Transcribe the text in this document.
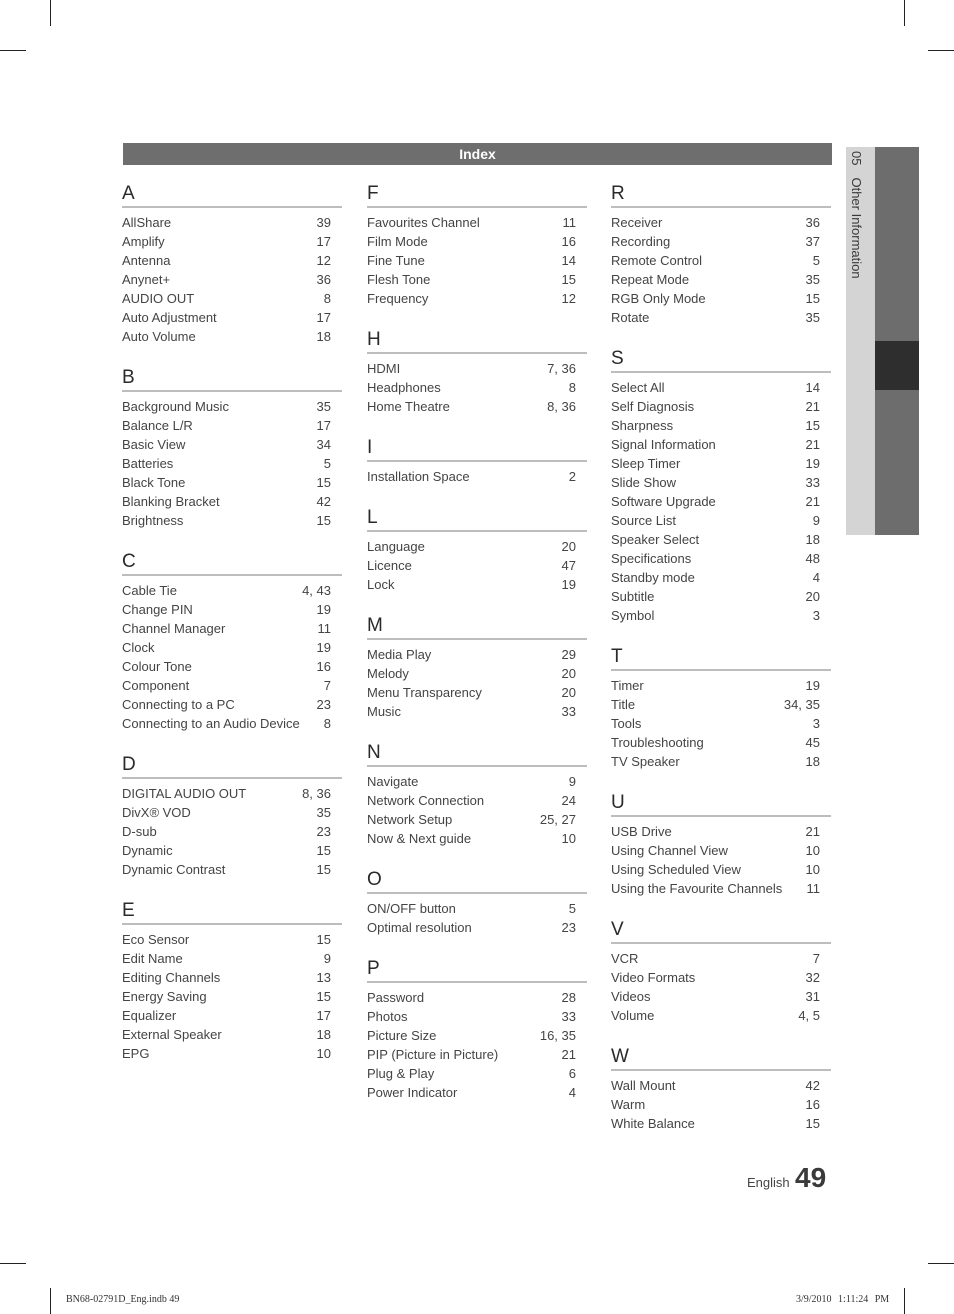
Index
A
AllShare	39
Amplify	17
Antenna	12
Anynet+	36
AUDIO OUT	8
Auto Adjustment	17
Auto Volume	18
B
Background Music	35
Balance L/R	17
Basic View	34
Batteries	5
Black Tone	15
Blanking Bracket	42
Brightness	15
C
Cable Tie	4, 43
Change PIN	19
Channel Manager	11
Clock	19
Colour Tone	16
Component	7
Connecting to a PC	23
Connecting to an Audio Device 8
D
DIGITAL AUDIO OUT	8, 36
DivX® VOD	35
D-sub	23
Dynamic	15
Dynamic Contrast	15
E
Eco Sensor	15
Edit Name	9
Editing Channels	13
Energy Saving	15
Equalizer	17
External Speaker	18
EPG	10
F
Favourites Channel	11
Film Mode	16
Fine Tune	14
Flesh Tone	15
Frequency	12
H
HDMI	7, 36
Headphones	8
Home Theatre	8, 36
I
Installation Space	2
L
Language	20
Licence	47
Lock	19
M
Media Play	29
Melody	20
Menu Transparency	20
Music	33
N
Navigate	9
Network Connection	24
Network Setup	25, 27
Now & Next guide	10
O
ON/OFF button	5
Optimal resolution	23
P
Password	28
Photos	33
Picture Size	16, 35
PIP (Picture in Picture)	21
Plug & Play	6
Power Indicator	4
R
Receiver	36
Recording	37
Remote Control	5
Repeat Mode	35
RGB Only Mode	15
Rotate	35
S
Select All	14
Self Diagnosis	21
Sharpness	15
Signal Information	21
Sleep Timer	19
Slide Show	33
Software Upgrade	21
Source List	9
Speaker Select	18
Specifications	48
Standby mode	4
Subtitle	20
Symbol	3
T
Timer	19
Title	34, 35
Tools	3
Troubleshooting	45
TV Speaker	18
U
USB Drive	21
Using Channel View	10
Using Scheduled View	10
Using the Favourite Channels 11
V
VCR	7
Video Formats	32
Videos	31
Volume	4, 5
W
Wall Mount	42
Warm	16
White Balance	15
05Other Information
English 49
BN68-02791D_Eng.indb 49	3/9/2010 1:11:24 PM
